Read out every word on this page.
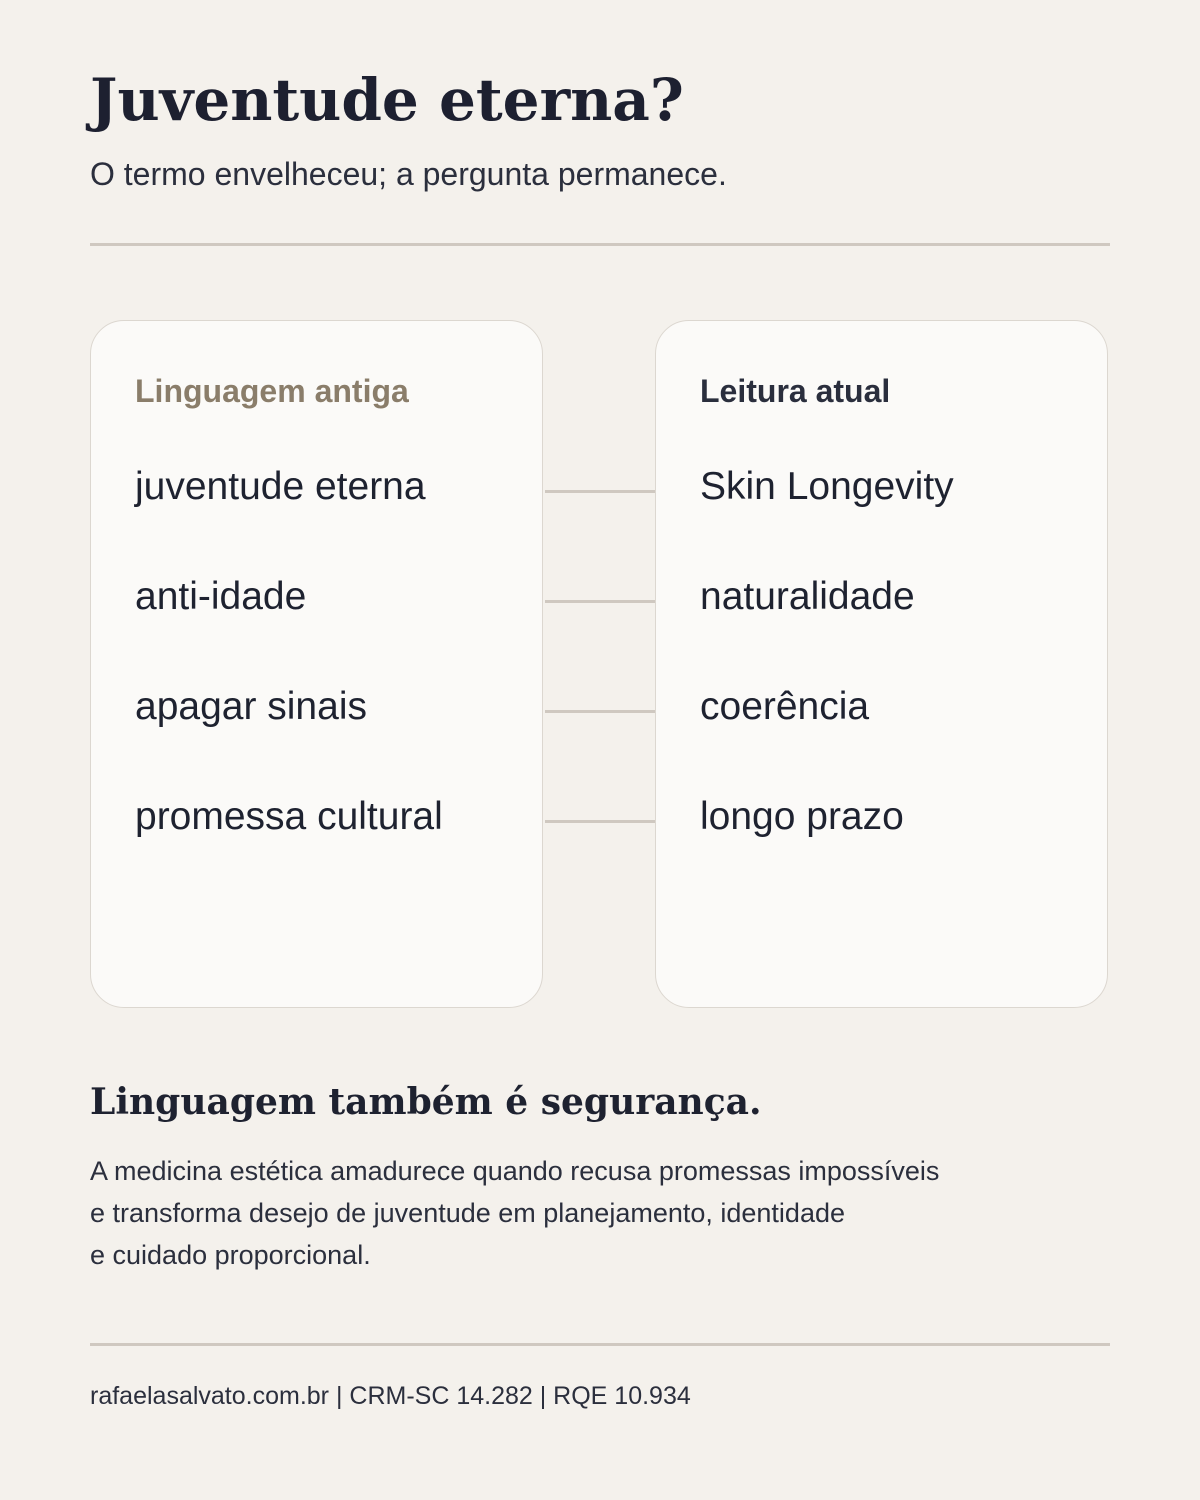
Juventude eterna?

O termo envelheceu; a pergunta permanece.

Linguagem antiga

juventude eterna

anti-idade

apagar sinais

promessa cultural

Leitura atual

Skin Longevity

naturalidade

coerência

longo prazo

Linguagem também é segurança.

A medicina estética amadurece quando recusa promessas impossíveis
e transforma desejo de juventude em planejamento, identidade
e cuidado proporcional.

rafaelasalvato.com.br | CRM-SC 14.282 | RQE 10.934
